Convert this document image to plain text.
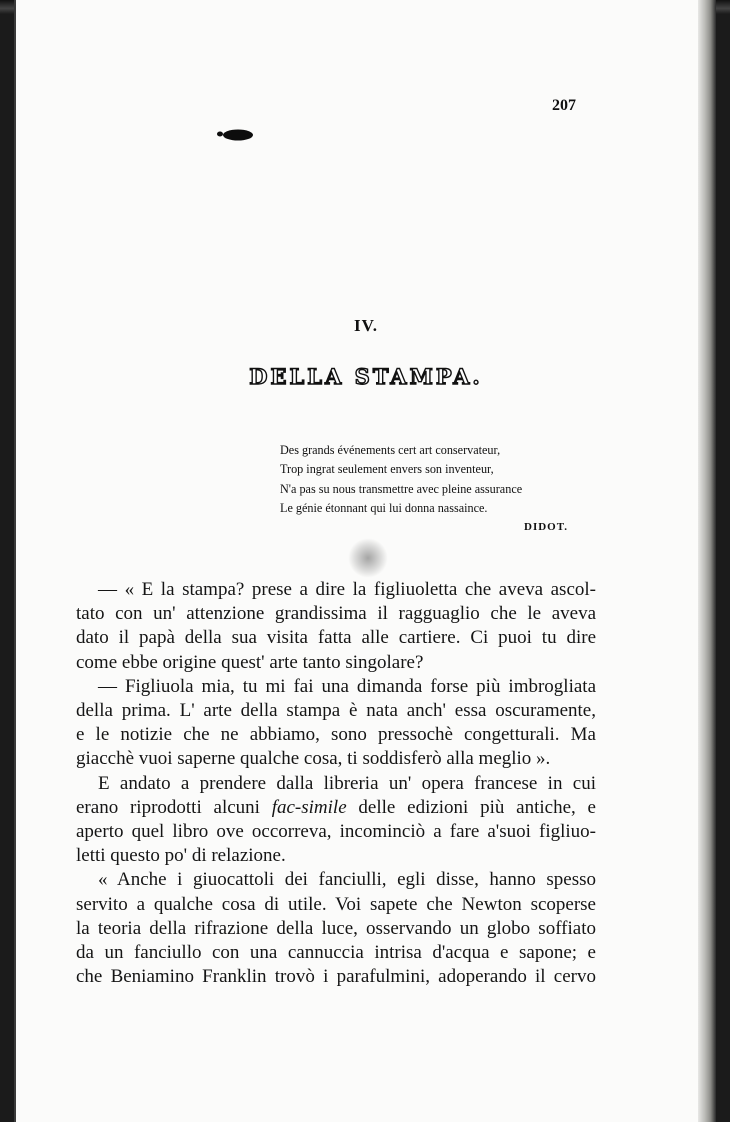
207
IV.
DELLA STAMPA.
Des grands événements cert art conservateur,
Trop ingrat seulement envers son inventeur,
N'a pas su nous transmettre avec pleine assurance
Le génie étonnant qui lui donna nassaince.
DIDOT.

— « E la stampa? prese a dire la figliuoletta che aveva ascol-
tato con un' attenzione grandissima il ragguaglio che le aveva
dato il papà della sua visita fatta alle cartiere. Ci puoi tu dire
come ebbe origine quest' arte tanto singolare?

— Figliuola mia, tu mi fai una dimanda forse più imbrogliata
della prima. L' arte della stampa è nata anch' essa oscuramente,
e le notizie che ne abbiamo, sono pressochè congetturali. Ma
giacchè vuoi saperne qualche cosa, ti soddisferò alla meglio ».

E andato a prendere dalla libreria un' opera francese in cui
erano riprodotti alcuni fac-simile delle edizioni più antiche, e
aperto quel libro ove occorreva, incominciò a fare a'suoi figliuo-
letti questo po' di relazione.

« Anche i giuocattoli dei fanciulli, egli disse, hanno spesso
servito a qualche cosa di utile. Voi sapete che Newton scoperse
la teoria della rifrazione della luce, osservando un globo soffiato
da un fanciullo con una cannuccia intrisa d'acqua e sapone; e
che Beniamino Franklin trovò i parafulmini, adoperando il cervo
